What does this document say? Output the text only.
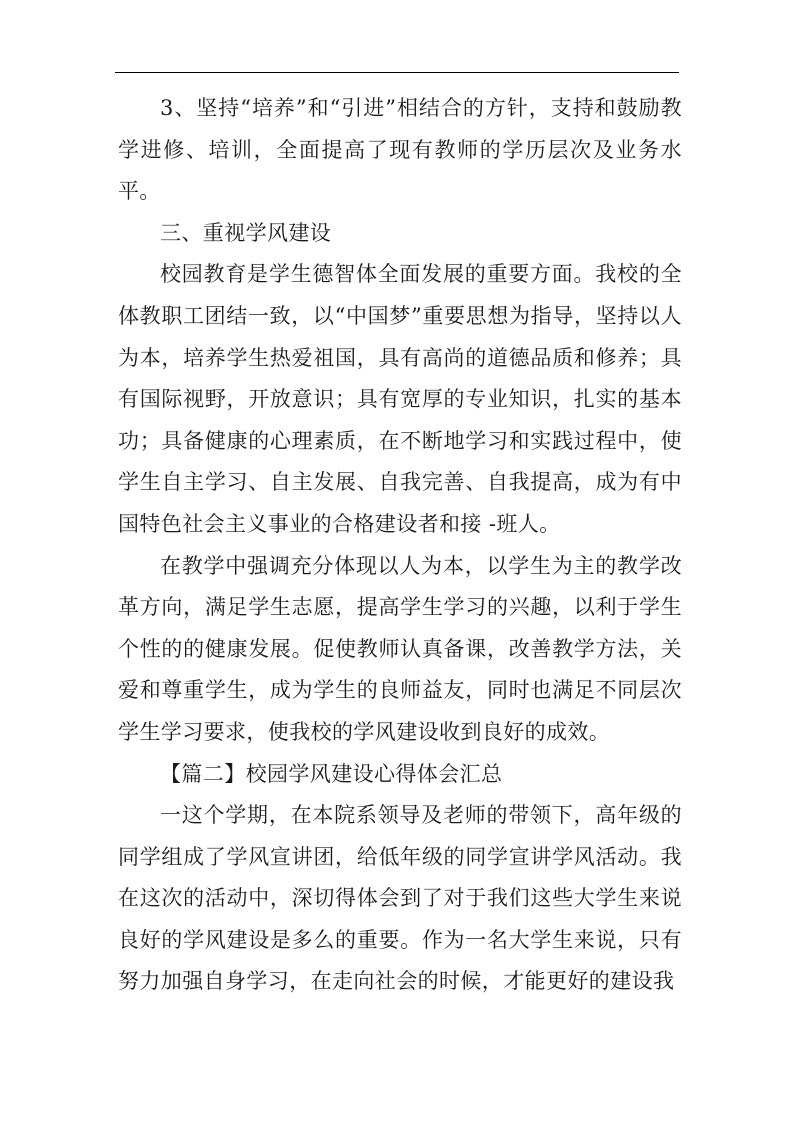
3、坚持“培养”和“引进”相结合的方针，支持和鼓励教学进修、培训，全面提高了现有教师的学历层次及业务水平。

三、重视学风建设

校园教育是学生德智体全面发展的重要方面。我校的全体教职工团结一致，以“中国梦”重要思想为指导，坚持以人为本，培养学生热爱祖国，具有高尚的道德品质和修养；具有国际视野，开放意识；具有宽厚的专业知识，扎实的基本功；具备健康的心理素质，在不断地学习和实践过程中，使学生自主学习、自主发展、自我完善、自我提高，成为有中国特色社会主义事业的合格建设者和接 -班人。

在教学中强调充分体现以人为本，以学生为主的教学改革方向，满足学生志愿，提高学生学习的兴趣，以利于学生个性的的健康发展。促使教师认真备课，改善教学方法，关爱和尊重学生，成为学生的良师益友，同时也满足不同层次学生学习要求，使我校的学风建设收到良好的成效。

【篇二】校园学风建设心得体会汇总

一这个学期，在本院系领导及老师的带领下，高年级的同学组成了学风宣讲团，给低年级的同学宣讲学风活动。我在这次的活动中，深切得体会到了对于我们这些大学生来说良好的学风建设是多么的重要。作为一名大学生来说，只有努力加强自身学习，在走向社会的时候，才能更好的建设我
